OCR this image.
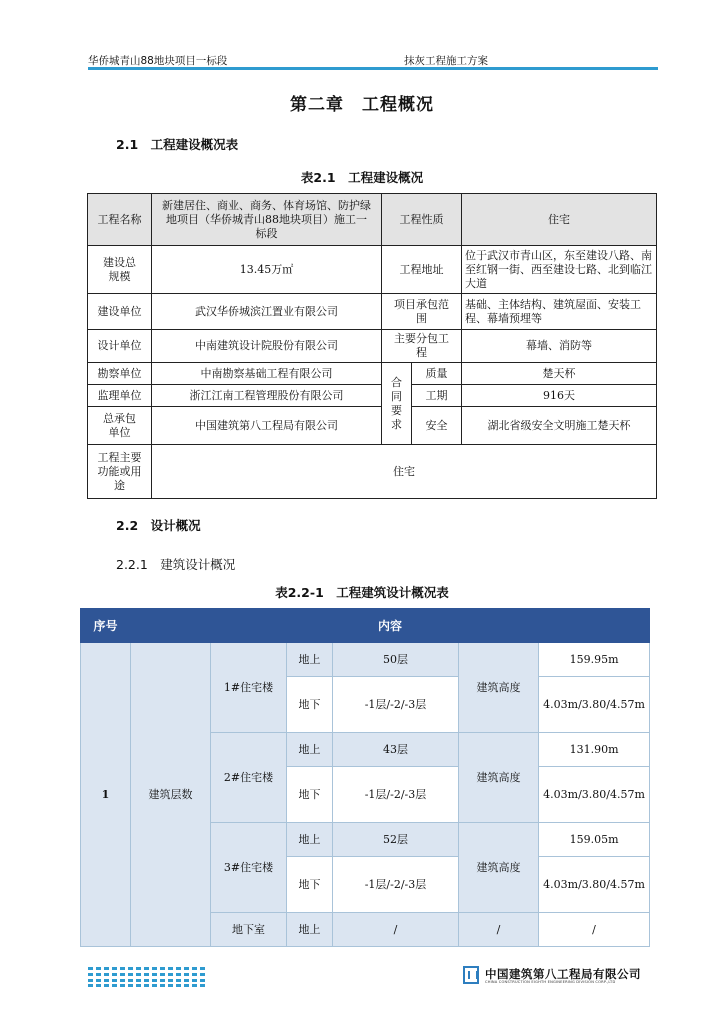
华侨城青山88地块项目一标段	抹灰工程施工方案
第二章　工程概况
2.1　工程建设概况表
表2.1　工程建设概况
工程名称	新建居住、商业、商务、体育场馆、防护绿地项目（华侨城青山88地块项目）施工一标段	工程性质		住宅
建设总规模	13.45万㎡	工程地址		位于武汉市青山区，东至建设八路、南至红钢一街、西至建设七路、北到临江大道
建设单位	武汉华侨城滨江置业有限公司	项目承包范围		基础、主体结构、建筑屋面、安装工程、幕墙预埋等
设计单位	中南建筑设计院股份有限公司	主要分包工程		幕墙、消防等
勘察单位	中南勘察基础工程有限公司	合同要求	质量	楚天杯
监理单位	浙江江南工程管理股份有限公司		工期	916天
总承包单位	中国建筑第八工程局有限公司		安全	湖北省级安全文明施工楚天杯
工程主要功能或用途	住宅			
2.2　设计概况
2.2.1　建筑设计概况
表2.2-1　工程建筑设计概况表
序号	内容					
1	建筑层数	1#住宅楼	地上	50层	建筑高度	159.95m
			地下	-1层/-2/-3层		4.03m/3.80/4.57m

		2#住宅楼	地上	43层	建筑高度	131.90m
			地下	-1层/-2/-3层		4.03m/3.80/4.57m

		3#住宅楼	地上	52层	建筑高度	159.05m
			地下	-1层/-2/-3层		4.03m/3.80/4.57m

		地下室	地上	/	/	/
中国建筑第八工程局有限公司
CHINA CONSTRUCTION EIGHTH ENGINEERING DIVISION CORP.,LTD
